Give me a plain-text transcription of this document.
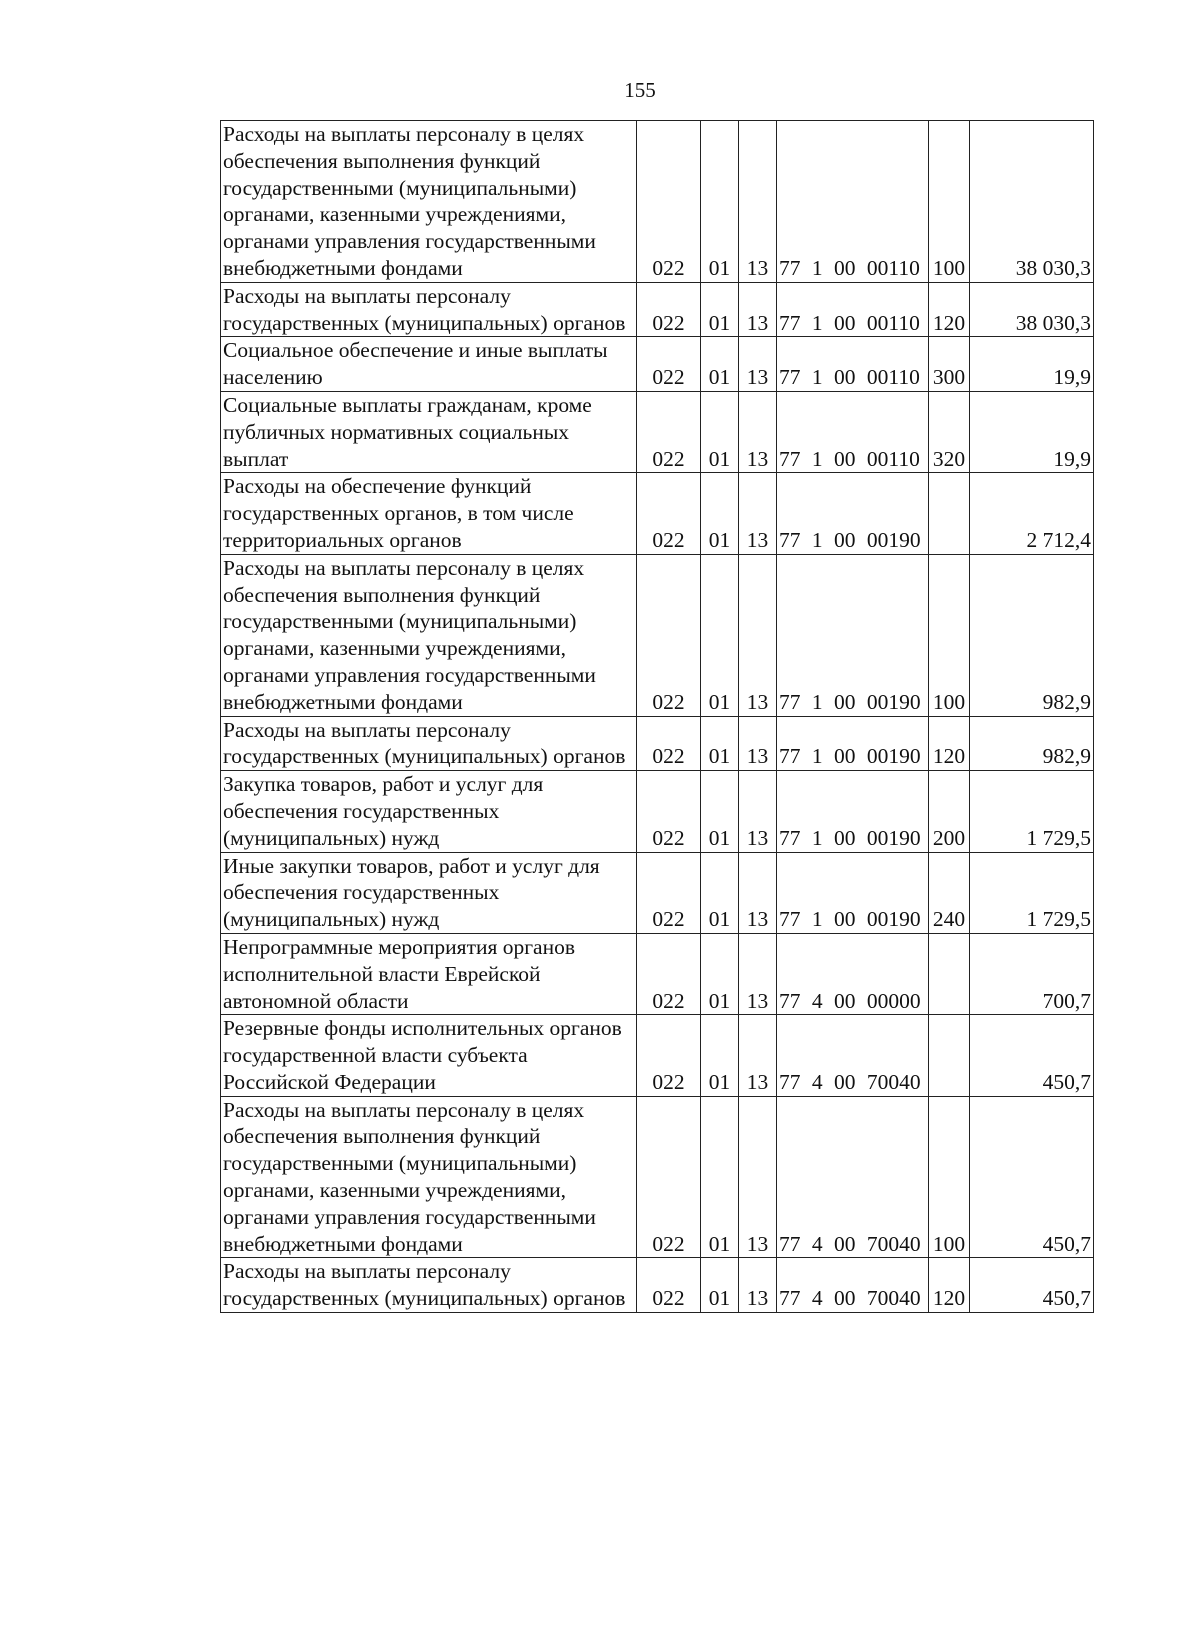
155
Расходы на выплаты персоналу в целях обеспечения выполнения функций государственными (муниципальными) органами, казенными учреждениями, органами управления государственными внебюджетными фондами	022	01	13	77 1 00 00110	100	38 030,3
Расходы на выплаты персоналу государственных (муниципальных) органов	022	01	13	77 1 00 00110	120	38 030,3
Социальное обеспечение и иные выплаты населению	022	01	13	77 1 00 00110	300	19,9
Социальные выплаты гражданам, кроме публичных нормативных социальных выплат	022	01	13	77 1 00 00110	320	19,9
Расходы на обеспечение функций государственных органов, в том числе территориальных органов	022	01	13	77 1 00 00190		2 712,4
Расходы на выплаты персоналу в целях обеспечения выполнения функций государственными (муниципальными) органами, казенными учреждениями, органами управления государственными внебюджетными фондами	022	01	13	77 1 00 00190	100	982,9
Расходы на выплаты персоналу государственных (муниципальных) органов	022	01	13	77 1 00 00190	120	982,9
Закупка товаров, работ и услуг для обеспечения государственных (муниципальных) нужд	022	01	13	77 1 00 00190	200	1 729,5
Иные закупки товаров, работ и услуг для обеспечения государственных (муниципальных) нужд	022	01	13	77 1 00 00190	240	1 729,5
Непрограммные мероприятия органов исполнительной власти Еврейской автономной области	022	01	13	77 4 00 00000		700,7
Резервные фонды исполнительных органов государственной власти субъекта Российской Федерации	022	01	13	77 4 00 70040		450,7
Расходы на выплаты персоналу в целях обеспечения выполнения функций государственными (муниципальными) органами, казенными учреждениями, органами управления государственными внебюджетными фондами	022	01	13	77 4 00 70040	100	450,7
Расходы на выплаты персоналу государственных (муниципальных) органов	022	01	13	77 4 00 70040	120	450,7
